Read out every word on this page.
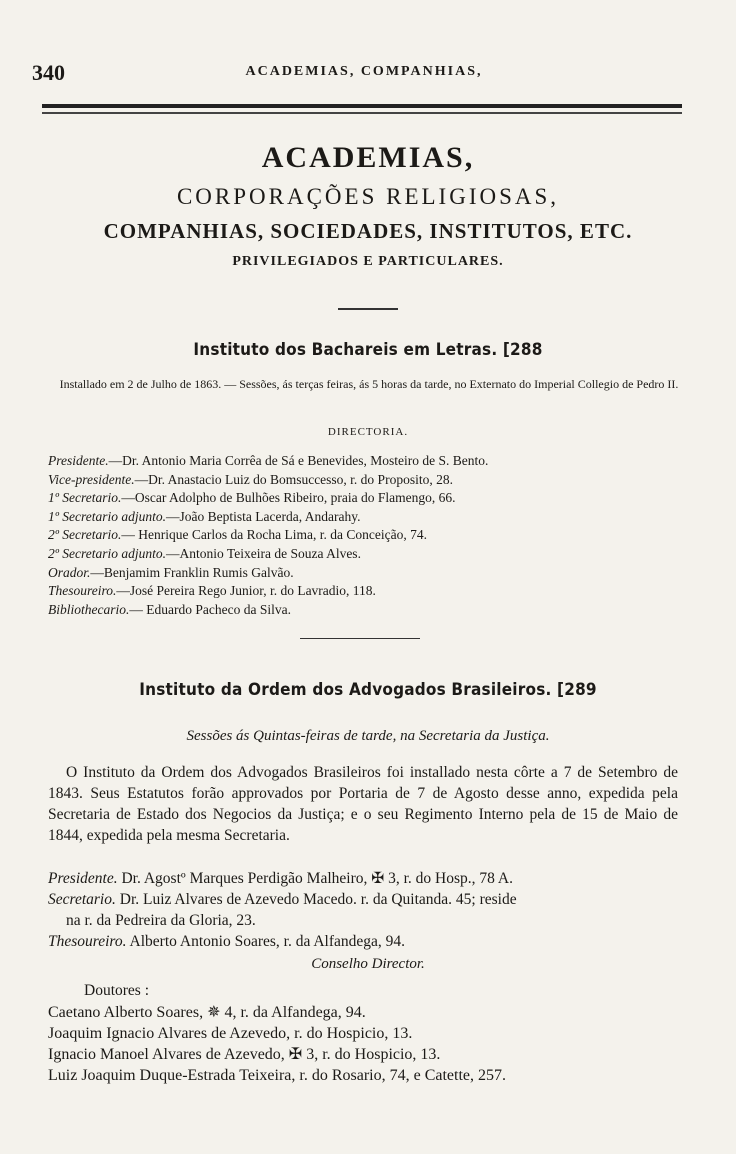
340	ACADEMIAS, COMPANHIAS,

ACADEMIAS,

CORPORAÇÕES RELIGIOSAS,

COMPANHIAS, SOCIEDADES, INSTITUTOS, ETC.

PRIVILEGIADOS E PARTICULARES.

Instituto dos Bachareis em Letras. [288
Installado em 2 de Julho de 1863. — Sessões, ás terças feiras, ás 5 horas da tarde, no Externato do Imperial Collegio de Pedro II.
DIRECTORIA.
Presidente.—Dr. Antonio Maria Corrêa de Sá e Benevides, Mosteiro de S. Bento.
Vice-presidente.—Dr. Anastacio Luiz do Bomsuccesso, r. do Proposito, 28.
1º Secretario.—Oscar Adolpho de Bulhões Ribeiro, praia do Flamengo, 66.
1º Secretario adjunto.—João Beptista Lacerda, Andarahy.
2º Secretario.— Henrique Carlos da Rocha Lima, r. da Conceição, 74.
2º Secretario adjunto.—Antonio Teixeira de Souza Alves.
Orador.—Benjamim Franklin Rumis Galvão.
Thesoureiro.—José Pereira Rego Junior, r. do Lavradio, 118.
Bibliothecario.— Eduardo Pacheco da Silva.
Instituto da Ordem dos Advogados Brasileiros. [289
Sessões ás Quintas-feiras de tarde, na Secretaria da Justiça.

O Instituto da Ordem dos Advogados Brasileiros foi installado nesta côrte a 7 de Setembro de 1843. Seus Estatutos forão approvados por Portaria de 7 de Agosto desse anno, expedida pela Secretaria de Estado dos Negocios da Justiça; e o seu Regimento Interno pela de 15 de Maio de 1844, expedida pela mesma Secretaria.

Presidente. Dr. Agostº Marques Perdigão Malheiro, ✠ 3, r. do Hosp., 78 A.
Secretario. Dr. Luiz Alvares de Azevedo Macedo. r. da Quitanda. 45; reside
na r. da Pedreira da Gloria, 23.
Thesoureiro. Alberto Antonio Soares, r. da Alfandega, 94.
Conselho Director.
Doutores :
Caetano Alberto Soares, ✵ 4, r. da Alfandega, 94.
Joaquim Ignacio Alvares de Azevedo, r. do Hospicio, 13.
Ignacio Manoel Alvares de Azevedo, ✠ 3, r. do Hospicio, 13.
Luiz Joaquim Duque-Estrada Teixeira, r. do Rosario, 74, e Catette, 257.
